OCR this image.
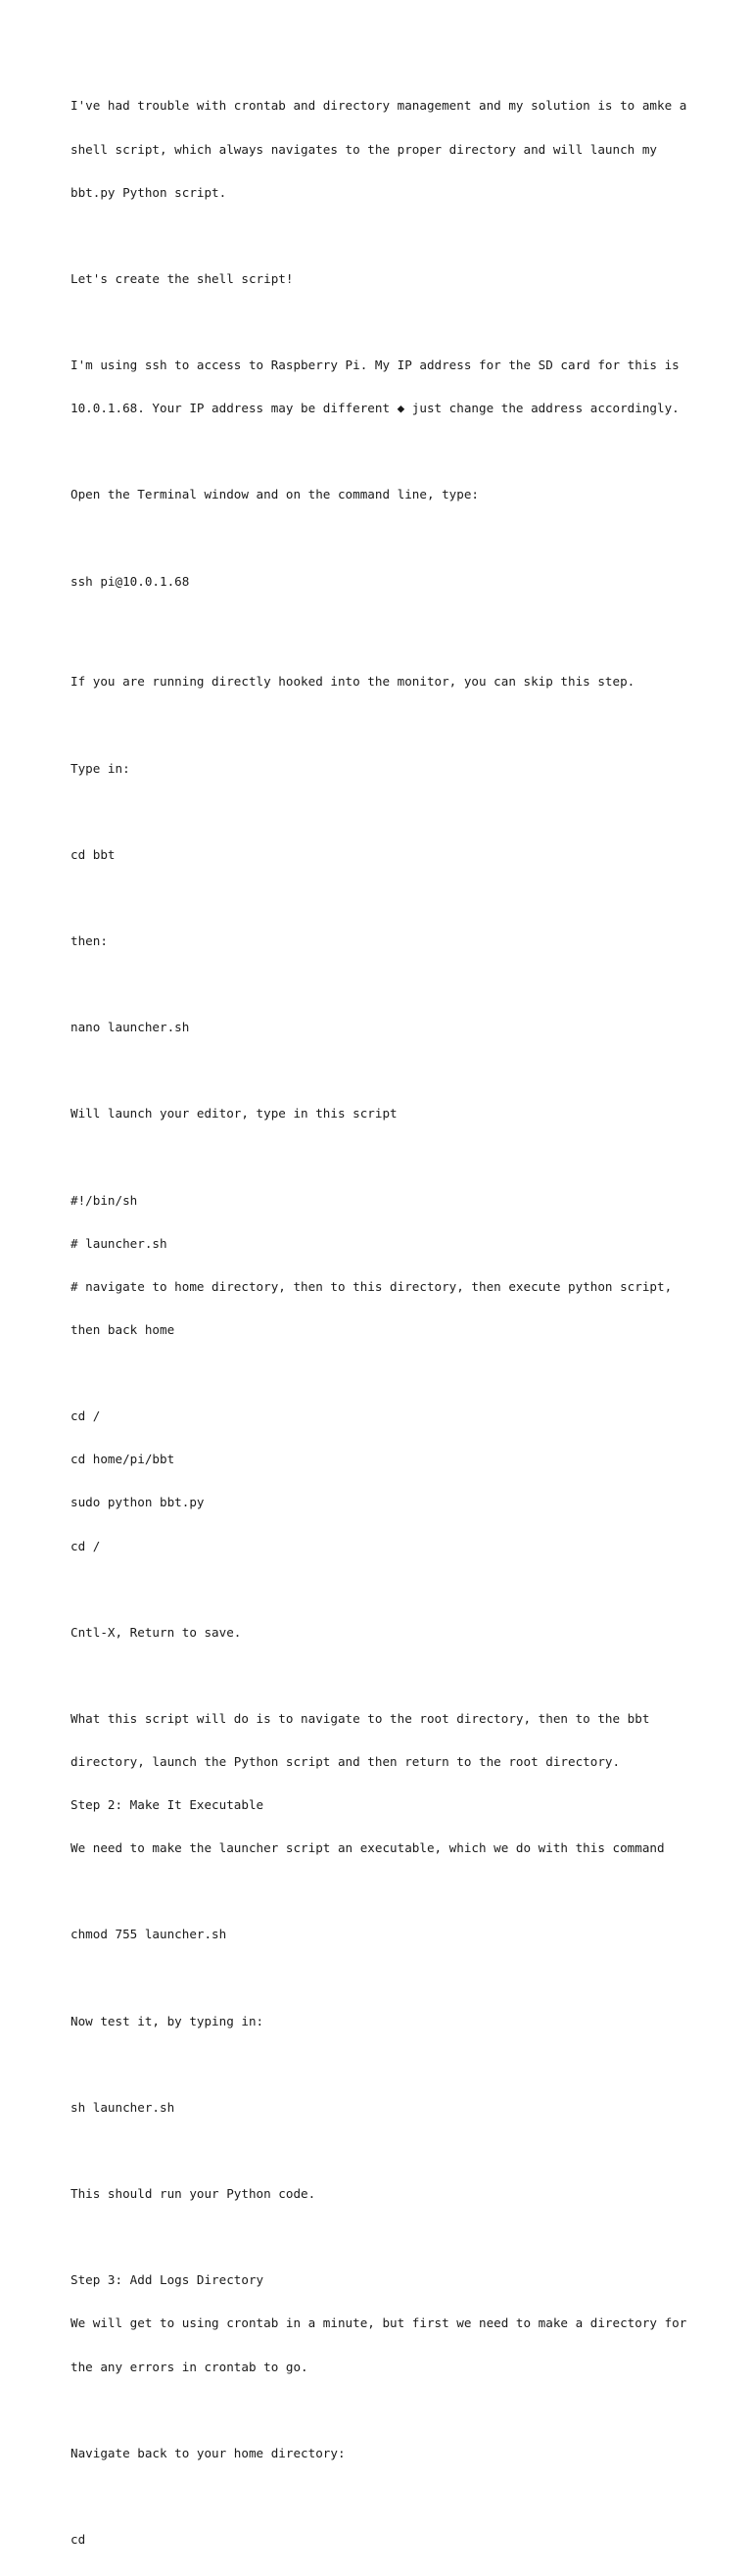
I've had trouble with crontab and directory management and my solution is to amke a

shell script, which always navigates to the proper directory and will launch my

bbt.py Python script.

Let's create the shell script!

I'm using ssh to access to Raspberry Pi. My IP address for the SD card for this is

10.0.1.68. Your IP address may be different ◆ just change the address accordingly.

Open the Terminal window and on the command line, type:

ssh pi@10.0.1.68

If you are running directly hooked into the monitor, you can skip this step.

Type in:

cd bbt

then:

nano launcher.sh

Will launch your editor, type in this script

#!/bin/sh

# launcher.sh

# navigate to home directory, then to this directory, then execute python script,

then back home

cd /

cd home/pi/bbt

sudo python bbt.py

cd /

Cntl-X, Return to save.

What this script will do is to navigate to the root directory, then to the bbt

directory, launch the Python script and then return to the root directory.

Step 2: Make It Executable

We need to make the launcher script an executable, which we do with this command

chmod 755 launcher.sh

Now test it, by typing in:

sh launcher.sh

This should run your Python code.

Step 3: Add Logs Directory

We will get to using crontab in a minute, but first we need to make a directory for

the any errors in crontab to go.

Navigate back to your home directory:

cd
